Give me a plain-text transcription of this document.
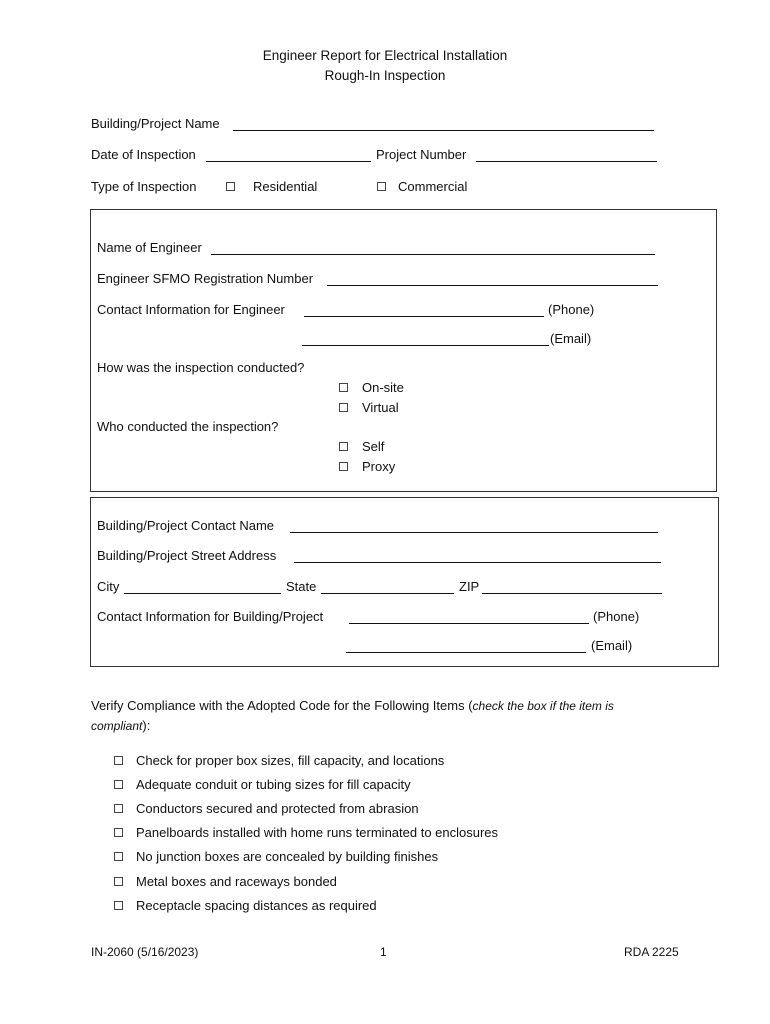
Engineer Report for Electrical Installation
Rough-In Inspection
Building/Project Name
Date of Inspection	Project Number
Type of Inspection	Residential	Commercial
Name of Engineer
Engineer SFMO Registration Number
Contact Information for Engineer	(Phone)
(Email)
How was the inspection conducted?
On-site
Virtual
Who conducted the inspection?
Self
Proxy
Building/Project Contact Name
Building/Project Street Address
City	State	ZIP
Contact Information for Building/Project	(Phone)
(Email)
Verify Compliance with the Adopted Code for the Following Items (check the box if the item is
compliant):
Check for proper box sizes, fill capacity, and locations
Adequate conduit or tubing sizes for fill capacity
Conductors secured and protected from abrasion
Panelboards installed with home runs terminated to enclosures
No junction boxes are concealed by building finishes
Metal boxes and raceways bonded
Receptacle spacing distances as required
IN-2060 (5/16/2023)	1	RDA 2225
